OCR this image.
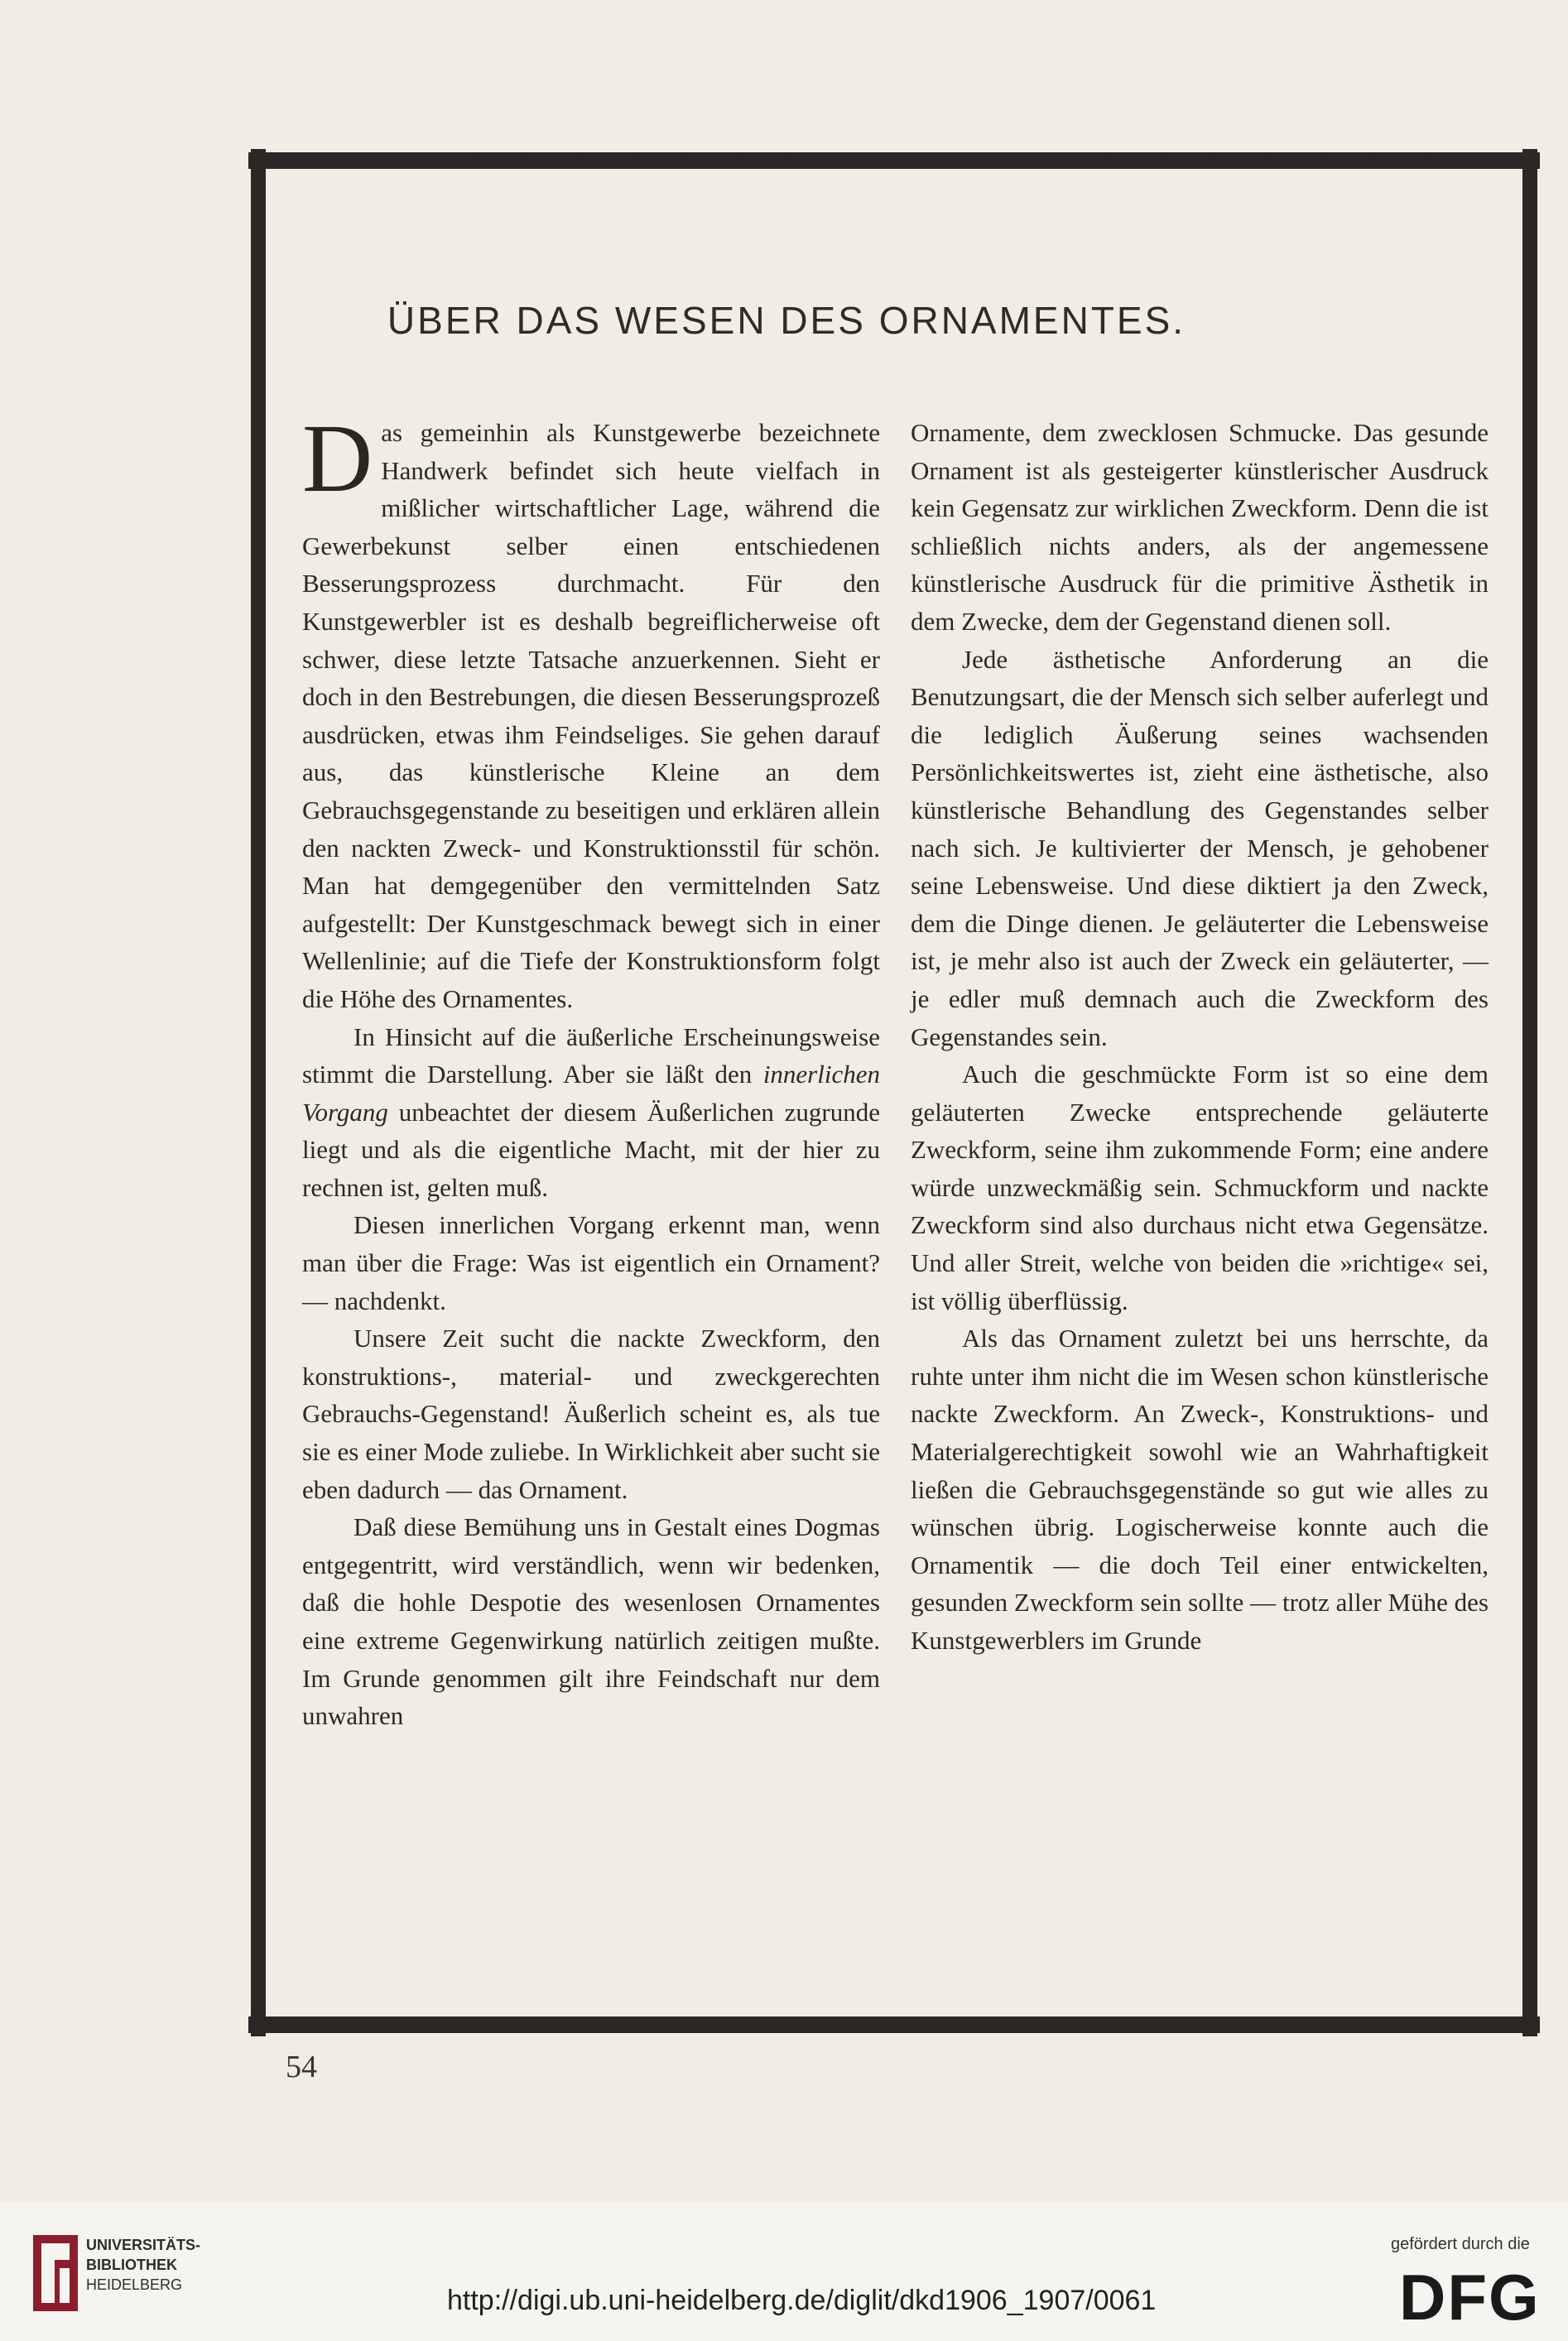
ÜBER DAS WESEN DES ORNAMENTES.

Das gemeinhin als Kunstgewerbe bezeichnete Handwerk befindet sich heute vielfach in mißlicher wirtschaftlicher Lage, während die Gewerbekunst selber einen entschiedenen Besserungsprozess durchmacht. Für den Kunstgewerbler ist es deshalb begreiflicherweise oft schwer, diese letzte Tatsache anzuerkennen. Sieht er doch in den Bestrebungen, die diesen Besserungsprozeß ausdrücken, etwas ihm Feindseliges. Sie gehen darauf aus, das künstlerische Kleine an dem Gebrauchsgegenstande zu beseitigen und erklären allein den nackten Zweck- und Konstruktionsstil für schön. Man hat demgegenüber den vermittelnden Satz aufgestellt: Der Kunstgeschmack bewegt sich in einer Wellenlinie; auf die Tiefe der Konstruktionsform folgt die Höhe des Ornamentes.

In Hinsicht auf die äußerliche Erscheinungsweise stimmt die Darstellung. Aber sie läßt den innerlichen Vorgang unbeachtet der diesem Äußerlichen zugrunde liegt und als die eigentliche Macht, mit der hier zu rechnen ist, gelten muß.

Diesen innerlichen Vorgang erkennt man, wenn man über die Frage: Was ist eigentlich ein Ornament? — nachdenkt.

Unsere Zeit sucht die nackte Zweckform, den konstruktions-, material- und zweckgerechten Gebrauchs-Gegenstand! Äußerlich scheint es, als tue sie es einer Mode zuliebe. In Wirklichkeit aber sucht sie eben dadurch — das Ornament.

Daß diese Bemühung uns in Gestalt eines Dogmas entgegentritt, wird verständlich, wenn wir bedenken, daß die hohle Despotie des wesenlosen Ornamentes eine extreme Gegenwirkung natürlich zeitigen mußte. Im Grunde genommen gilt ihre Feindschaft nur dem unwahren

Ornamente, dem zwecklosen Schmucke. Das gesunde Ornament ist als gesteigerter künstlerischer Ausdruck kein Gegensatz zur wirklichen Zweckform. Denn die ist schließlich nichts anders, als der angemessene künstlerische Ausdruck für die primitive Ästhetik in dem Zwecke, dem der Gegenstand dienen soll.

Jede ästhetische Anforderung an die Benutzungsart, die der Mensch sich selber auferlegt und die lediglich Äußerung seines wachsenden Persönlichkeitswertes ist, zieht eine ästhetische, also künstlerische Behandlung des Gegenstandes selber nach sich. Je kultivierter der Mensch, je gehobener seine Lebensweise. Und diese diktiert ja den Zweck, dem die Dinge dienen. Je geläuterter die Lebensweise ist, je mehr also ist auch der Zweck ein geläuterter, — je edler muß demnach auch die Zweckform des Gegenstandes sein.

Auch die geschmückte Form ist so eine dem geläuterten Zwecke entsprechende geläuterte Zweckform, seine ihm zukommende Form; eine andere würde unzweckmäßig sein. Schmuckform und nackte Zweckform sind also durchaus nicht etwa Gegensätze. Und aller Streit, welche von beiden die »richtige« sei, ist völlig überflüssig.

Als das Ornament zuletzt bei uns herrschte, da ruhte unter ihm nicht die im Wesen schon künstlerische nackte Zweckform. An Zweck-, Konstruktions- und Materialgerechtigkeit sowohl wie an Wahrhaftigkeit ließen die Gebrauchsgegenstände so gut wie alles zu wünschen übrig. Logischerweise konnte auch die Ornamentik — die doch Teil einer entwickelten, gesunden Zweckform sein sollte — trotz aller Mühe des Kunstgewerblers im Grunde

54
UNIVERSITÄTS-
BIBLIOTHEK
HEIDELBERG	http://digi.ub.uni-heidelberg.de/diglit/dkd1906_1907/0061
gefördert durch die
DFG
